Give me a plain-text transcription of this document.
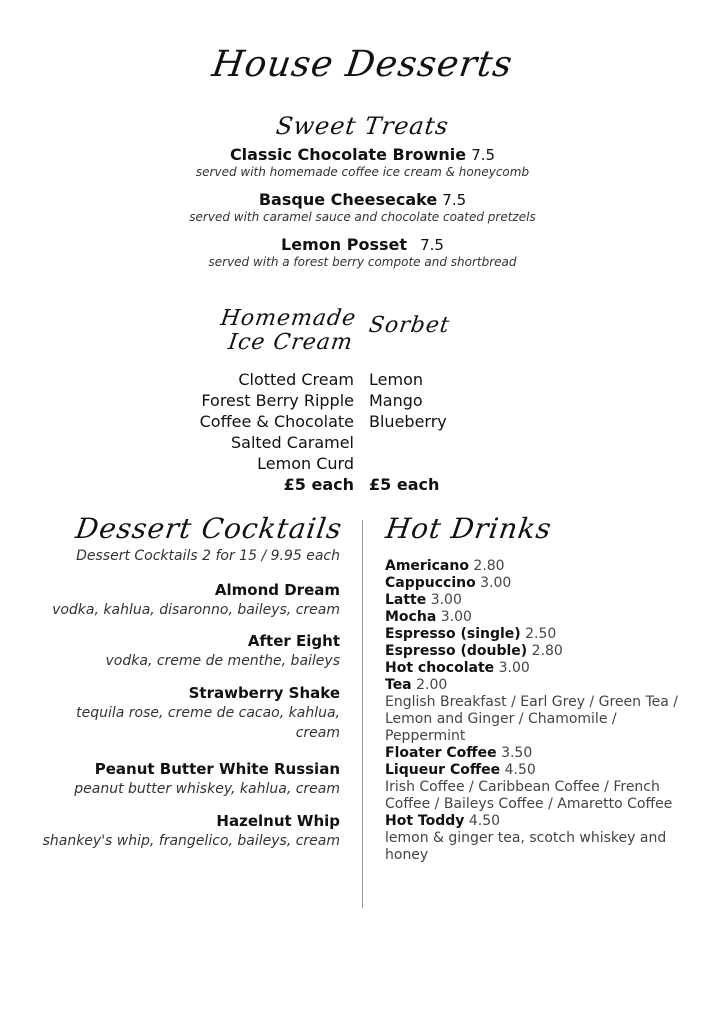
House Desserts
Sweet Treats
Classic Chocolate Brownie 7.5
served with homemade coffee ice cream & honeycomb
Basque Cheesecake 7.5
served with caramel sauce and chocolate coated pretzels
Lemon Posset 7.5
served with a forest berry compote and shortbread
Homemade
Ice Cream
Sorbet
Clotted Cream
Forest Berry Ripple
Coffee & Chocolate
Salted Caramel
Lemon Curd
£5 each
Lemon
Mango
Blueberry
£5 each
Dessert Cocktails
Dessert Cocktails 2 for 15 / 9.95 each
Almond Dream
vodka, kahlua, disaronno, baileys, cream
After Eight
vodka, creme de menthe, baileys
Strawberry Shake
tequila rose, creme de cacao, kahlua, cream
Peanut Butter White Russian
peanut butter whiskey, kahlua, cream
Hazelnut Whip
shankey's whip, frangelico, baileys, cream
Hot Drinks
Americano 2.80
Cappuccino 3.00
Latte 3.00
Mocha 3.00
Espresso (single) 2.50
Espresso (double) 2.80
Hot chocolate 3.00
Tea 2.00
English Breakfast / Earl Grey / Green Tea / Lemon and Ginger / Chamomile / Peppermint
Floater Coffee 3.50
Liqueur Coffee 4.50
Irish Coffee / Caribbean Coffee / French Coffee / Baileys Coffee / Amaretto Coffee
Hot Toddy 4.50
lemon & ginger tea, scotch whiskey and honey
